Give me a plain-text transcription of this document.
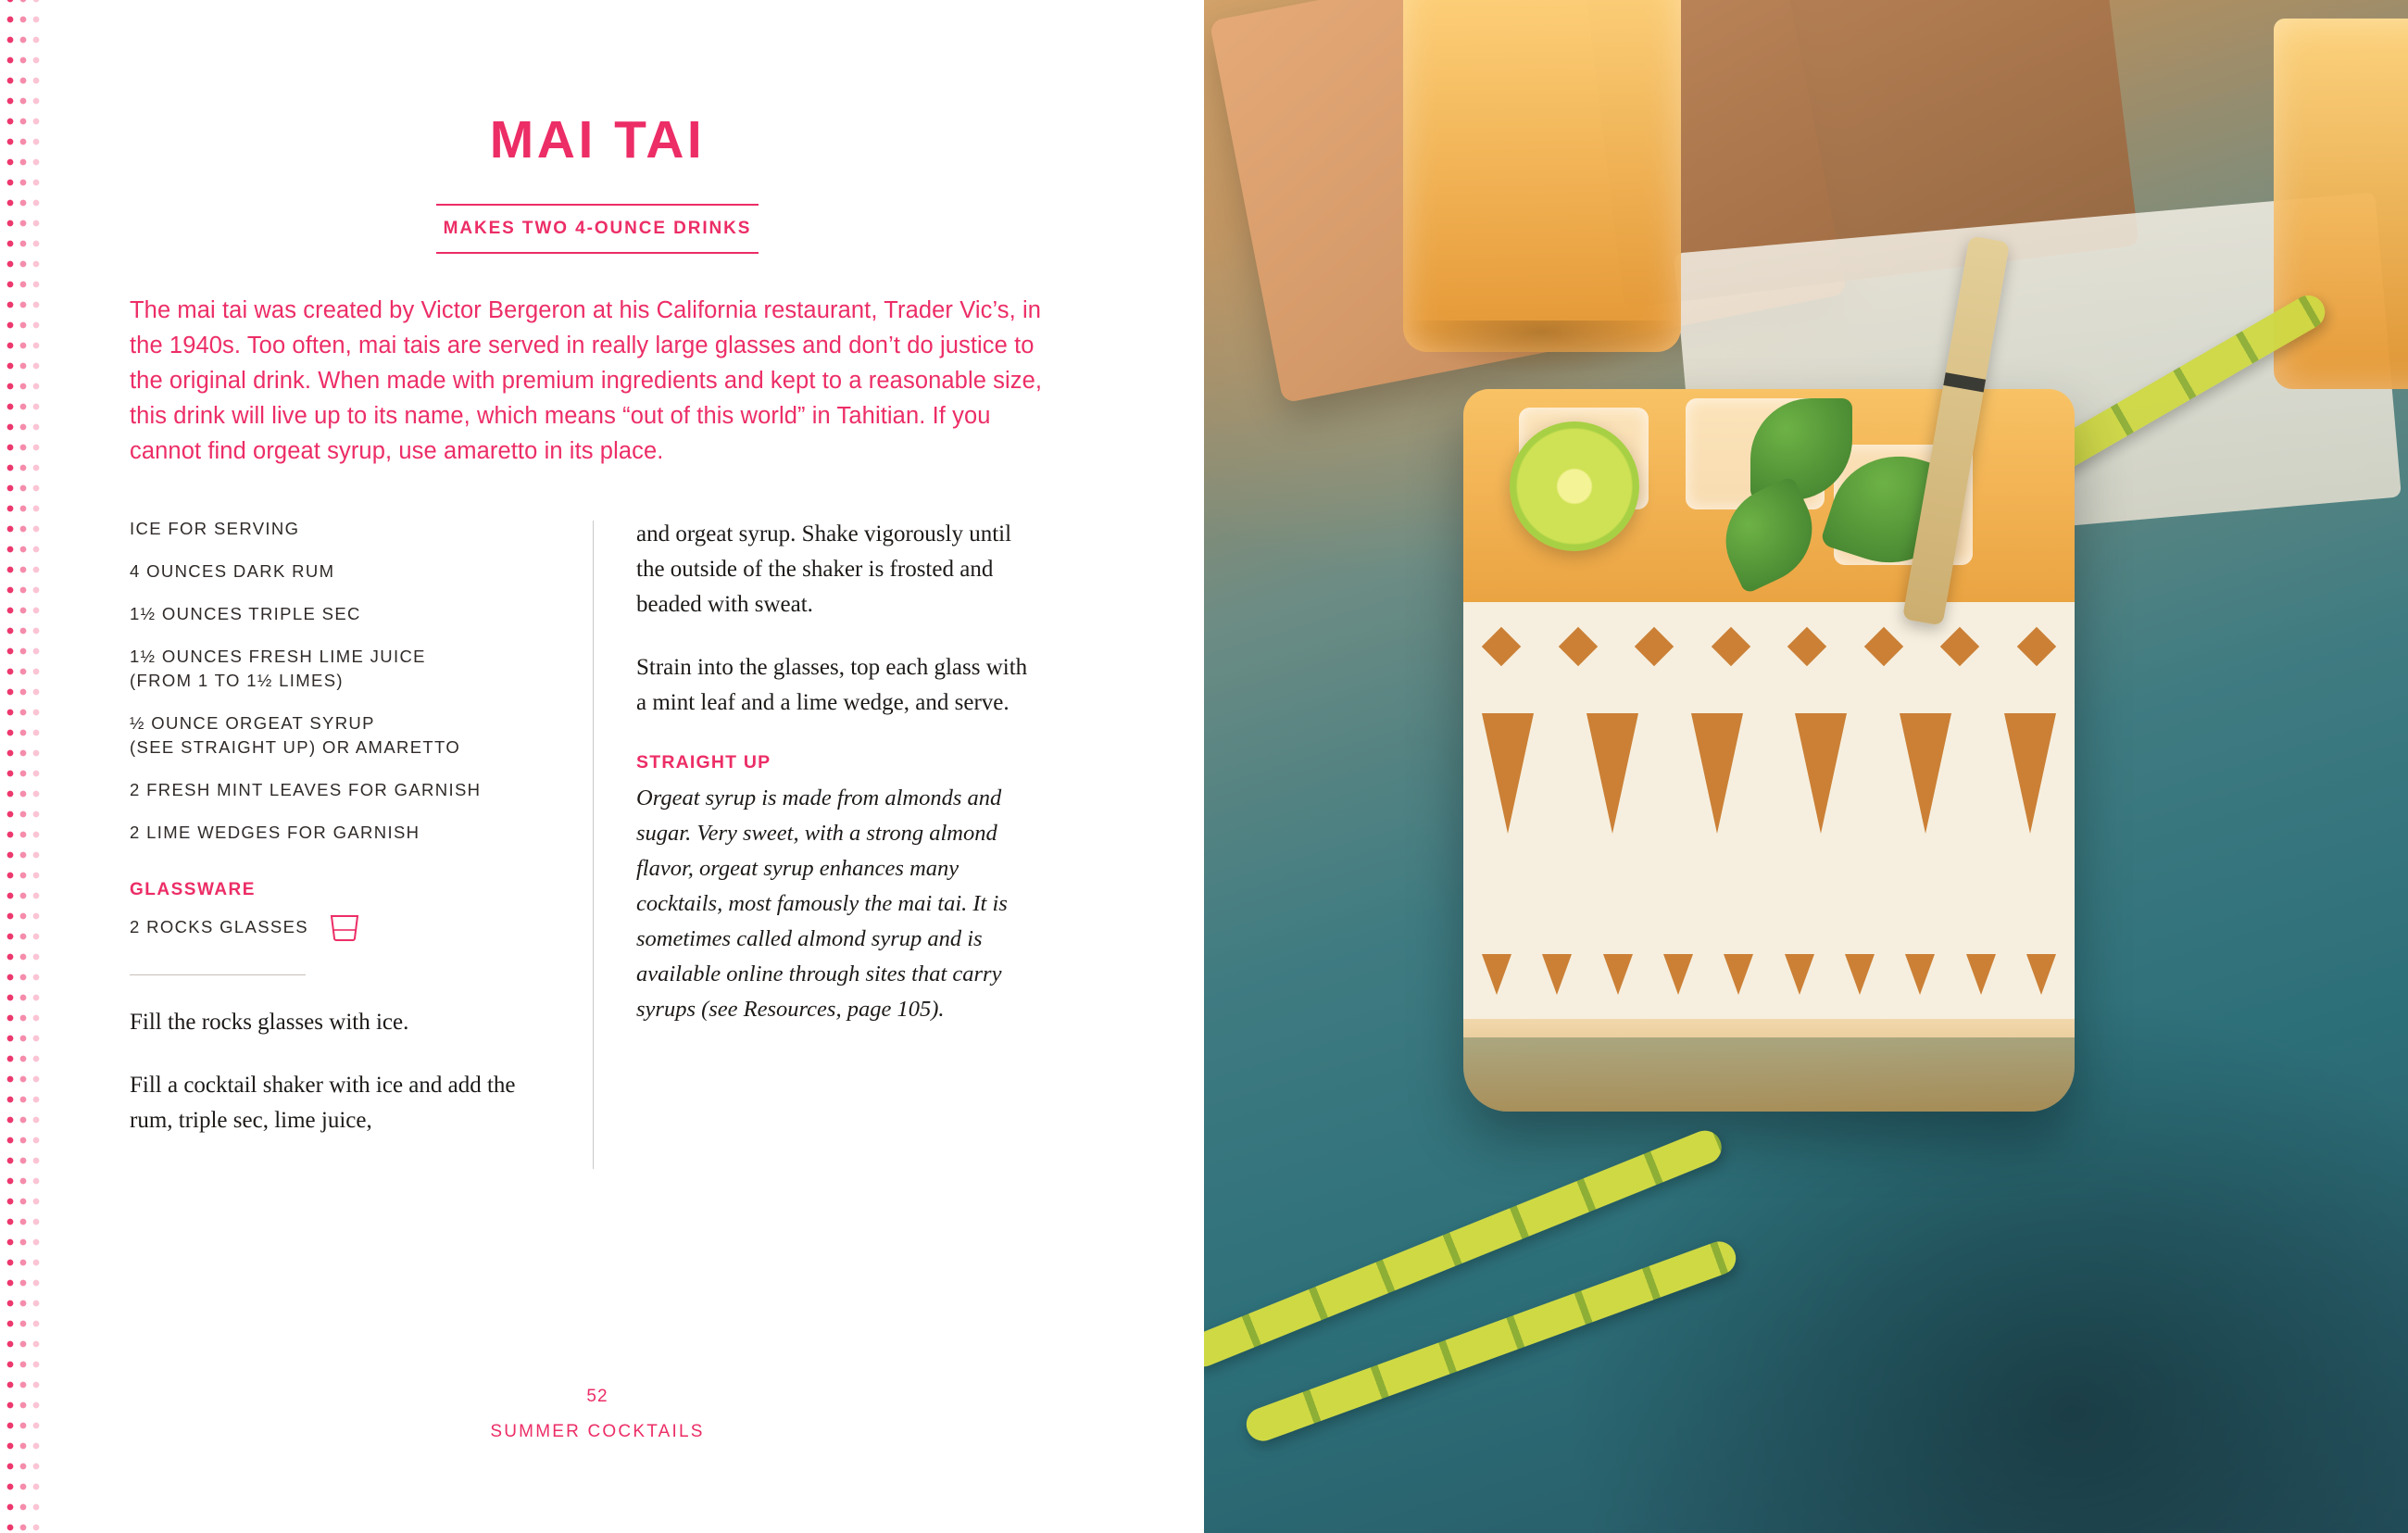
MAI TAI
MAKES TWO 4-OUNCE DRINKS

The mai tai was created by Victor Bergeron at his California restaurant, Trader Vic’s, in the 1940s. Too often, mai tais are served in really large glasses and don’t do justice to the original drink. When made with premium ingredients and kept to a reasonable size, this drink will live up to its name, which means “out of this world” in Tahitian. If you cannot find orgeat syrup, use amaretto in its place.

ICE FOR SERVING
4 OUNCES DARK RUM
1½ OUNCES TRIPLE SEC
1½ OUNCES FRESH LIME JUICE
(FROM 1 TO 1½ LIMES)
½ OUNCE ORGEAT SYRUP
(SEE STRAIGHT UP) OR AMARETTO
2 FRESH MINT LEAVES FOR GARNISH
2 LIME WEDGES FOR GARNISH
GLASSWARE
2 ROCKS GLASSES

Fill the rocks glasses with ice.

Fill a cocktail shaker with ice and add the rum, triple sec, lime juice,

and orgeat syrup. Shake vigorously until the outside of the shaker is frosted and beaded with sweat.

Strain into the glasses, top each glass with a mint leaf and a lime wedge, and serve.

STRAIGHT UP

Orgeat syrup is made from almonds and sugar. Very sweet, with a strong almond flavor, orgeat syrup enhances many cocktails, most famously the mai tai. It is sometimes called almond syrup and is available online through sites that carry syrups (see Resources, page 105).

52
SUMMER COCKTAILS
